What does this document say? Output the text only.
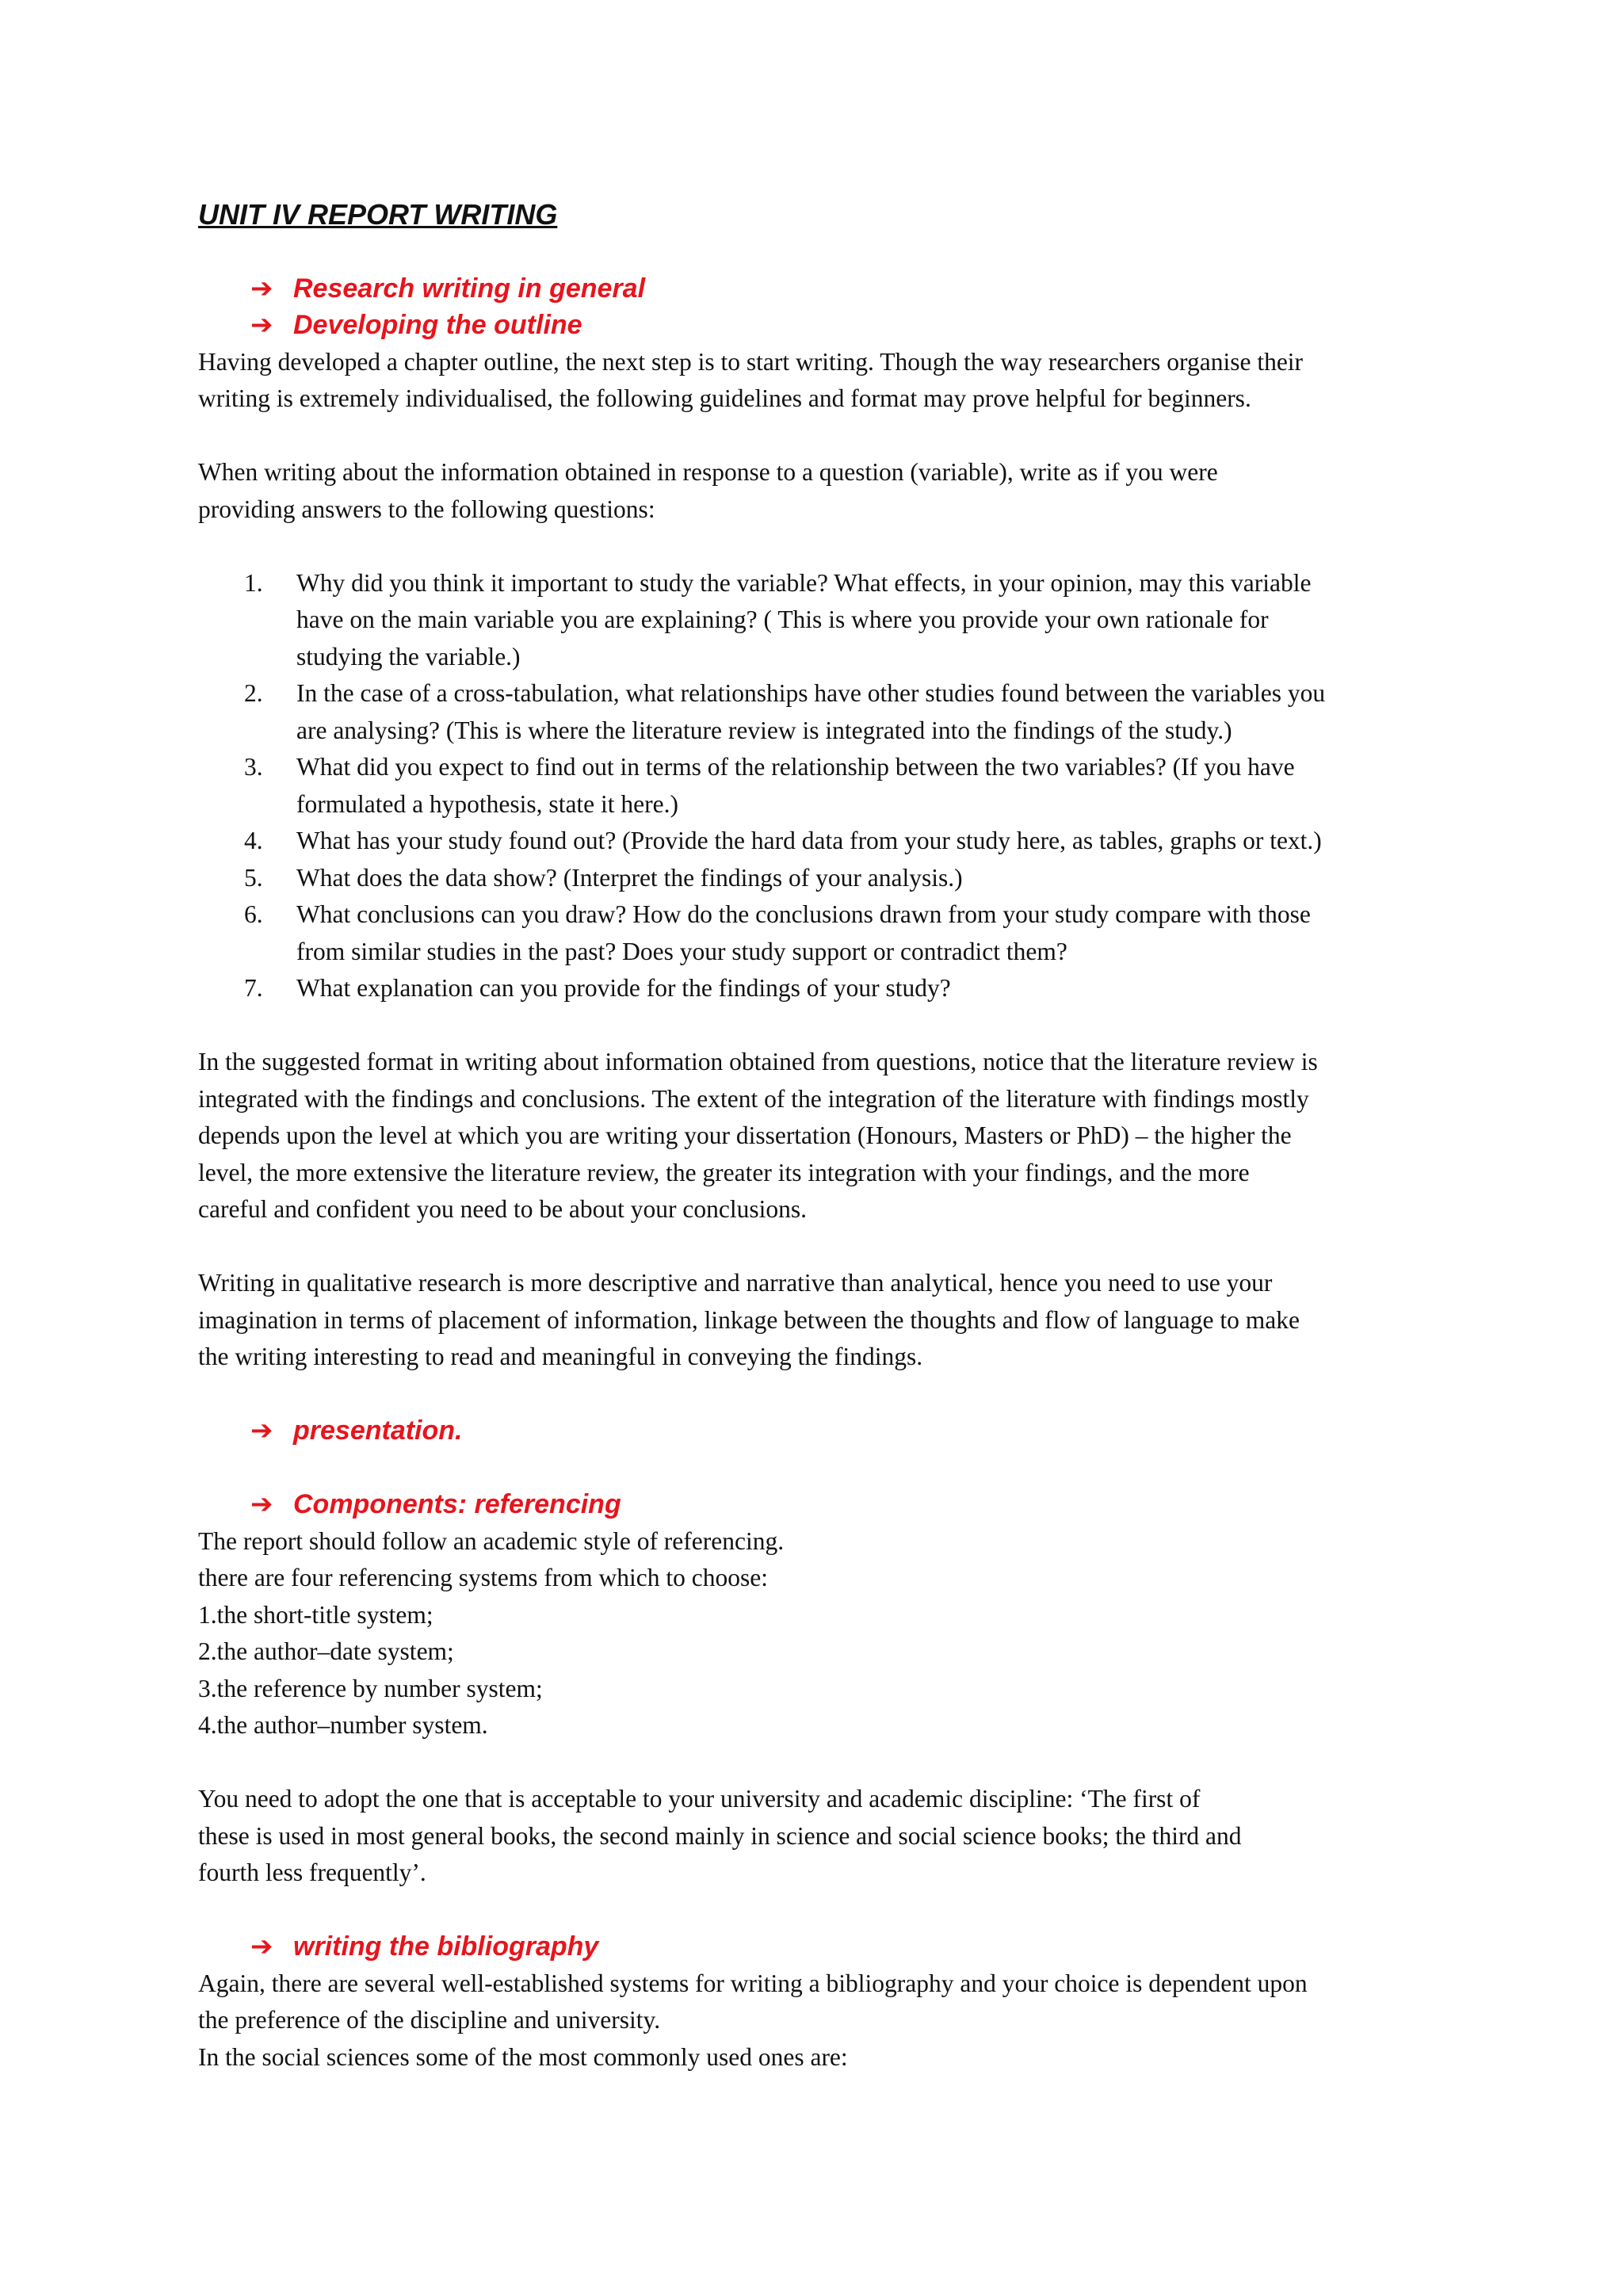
UNIT IV REPORT WRITING
➔ Research writing in general
➔ Developing the outline

Having developed a chapter outline, the next step is to start writing. Though the way researchers organise their
writing is extremely individualised, the following guidelines and format may prove helpful for beginners.

When writing about the information obtained in response to a question (variable), write as if you were
providing answers to the following questions:

1. Why did you think it important to study the variable? What effects, in your opinion, may this variable
have on the main variable you are explaining? ( This is where you provide your own rationale for
studying the variable.)
2. In the case of a cross-tabulation, what relationships have other studies found between the variables you
are analysing? (This is where the literature review is integrated into the findings of the study.)
3. What did you expect to find out in terms of the relationship between the two variables? (If you have
formulated a hypothesis, state it here.)
4. What has your study found out? (Provide the hard data from your study here, as tables, graphs or text.)
5. What does the data show? (Interpret the findings of your analysis.)
6. What conclusions can you draw? How do the conclusions drawn from your study compare with those
from similar studies in the past? Does your study support or contradict them?
7. What explanation can you provide for the findings of your study?

In the suggested format in writing about information obtained from questions, notice that the literature review is
integrated with the findings and conclusions. The extent of the integration of the literature with findings mostly
depends upon the level at which you are writing your dissertation (Honours, Masters or PhD) – the higher the
level, the more extensive the literature review, the greater its integration with your findings, and the more
careful and confident you need to be about your conclusions.

Writing in qualitative research is more descriptive and narrative than analytical, hence you need to use your
imagination in terms of placement of information, linkage between the thoughts and flow of language to make
the writing interesting to read and meaningful in conveying the findings.

➔ presentation.
➔ Components: referencing

The report should follow an academic style of referencing.
there are four referencing systems from which to choose:
1.the short-title system;
2.the author–date system;
3.the reference by number system;
4.the author–number system.

You need to adopt the one that is acceptable to your university and academic discipline: ‘The first of
these is used in most general books, the second mainly in science and social science books; the third and
fourth less frequently’.

➔ writing the bibliography

Again, there are several well-established systems for writing a bibliography and your choice is dependent upon
the preference of the discipline and university.
In the social sciences some of the most commonly used ones are:
